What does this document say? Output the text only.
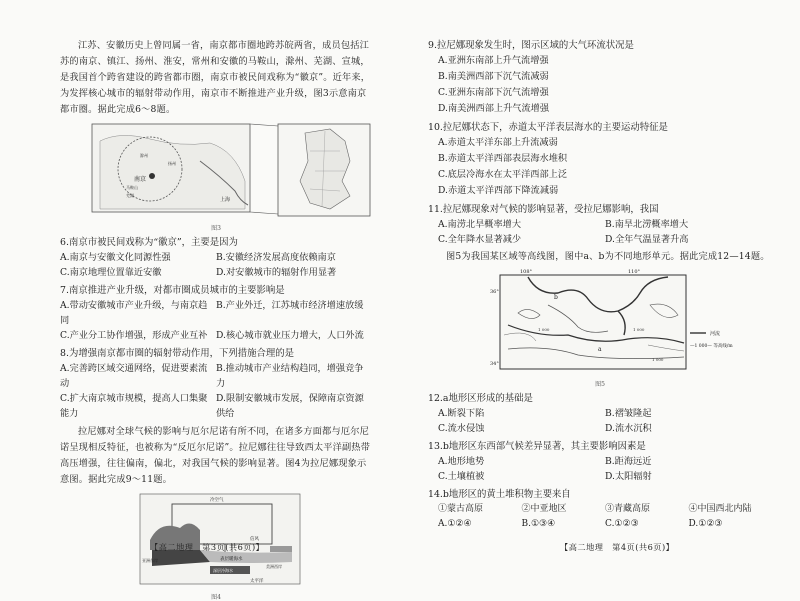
江苏、安徽历史上曾同属一省，南京都市圈地跨苏皖两省，成员包括江苏的南京、镇江、扬州、淮安，常州和安徽的马鞍山，滁州、芜湖、宣城，是我国首个跨省建设的跨省都市圈，南京市被民间戏称为“徽京”。近年来，为发挥核心城市的辐射带动作用，南京市不断推进产业升级，图3示意南京都市圈。据此完成6～8题。

南京
上海
滁州
马鞍山
芜湖
扬州

图3

6.南京市被民间戏称为“徽京”，主要是因为

A.南京与安徽文化同源性强	B.安徽经济发展高度依赖南京
C.南京地理位置靠近安徽	D.对安徽城市的辐射作用显著

7.南京推进产业升级，对都市圈成员城市的主要影响是

A.带动安徽城市产业升级，与南京趋同
B.产业外迁，江苏城市经济增速放缓
C.产业分工协作增强，形成产业互补 D.核心城市就业压力增大，人口外流

8.为增强南京都市圈的辐射带动作用，下列措施合理的是

A.完善跨区域交通网络，促进要素流动
B.推动城市产业结构趋同，增强竞争力
C.扩大南京城市规模，提高人口集聚能力
D.限制安徽城市发展，保障南京资源供给

拉尼娜对全球气候的影响与厄尔尼诺有所不同，在诸多方面都与厄尔尼诺呈现相反特征，也被称为“反厄尔尼诺”。拉尼娜往往导致西太平洋副热带高压增强，往往偏南，偏北，对我国气候的影响显著。图4为拉尼娜现象示意图。据此完成9～11题。

冷空气
表层暖海水
深层冷海水
太平洋
亚洲东岸
美洲西岸
信风

图4

【高二地理　第3页(共6页)】

9.拉尼娜现象发生时，图示区域的大气环流状况是

A.亚洲东南部上升气流增强

B.南美洲西部下沉气流减弱

C.亚洲东南部下沉气流增强

D.南美洲西部上升气流增强

10.拉尼娜状态下，赤道太平洋表层海水的主要运动特征是

A.赤道太平洋东部上升流减弱

B.赤道太平洋西部表层海水堆积

C.底层冷海水在太平洋西部上泛

D.赤道太平洋西部下降流减弱

11.拉尼娜现象对气候的影响显著，受拉尼娜影响，我国

A.南涝北旱概率增大	B.南旱北涝概率增大
C.全年降水显著减少	D.全年气温显著升高

图5为我国某区域等高线图，图中a、b为不同地形单元。据此完成12—14题。

108°	110°
36°
34°
b
a
1 000
1 000
1 000
河流
—1 000— 等高线/m

图5

12.a地形区形成的基础是

A.断裂下陷	B.褶皱隆起
C.流水侵蚀	D.流水沉积

13.b地形区东西部气候差异显著，其主要影响因素是

A.地形地势	B.距海远近
C.土壤植被	D.太阳辐射

14.b地形区的黄土堆积物主要来自

①蒙古高原	②中亚地区	③青藏高原	④中国西北内陆
A.①②④	B.①③④	C.①②③	D.①②③
【高二地理　第4页(共6页)】
